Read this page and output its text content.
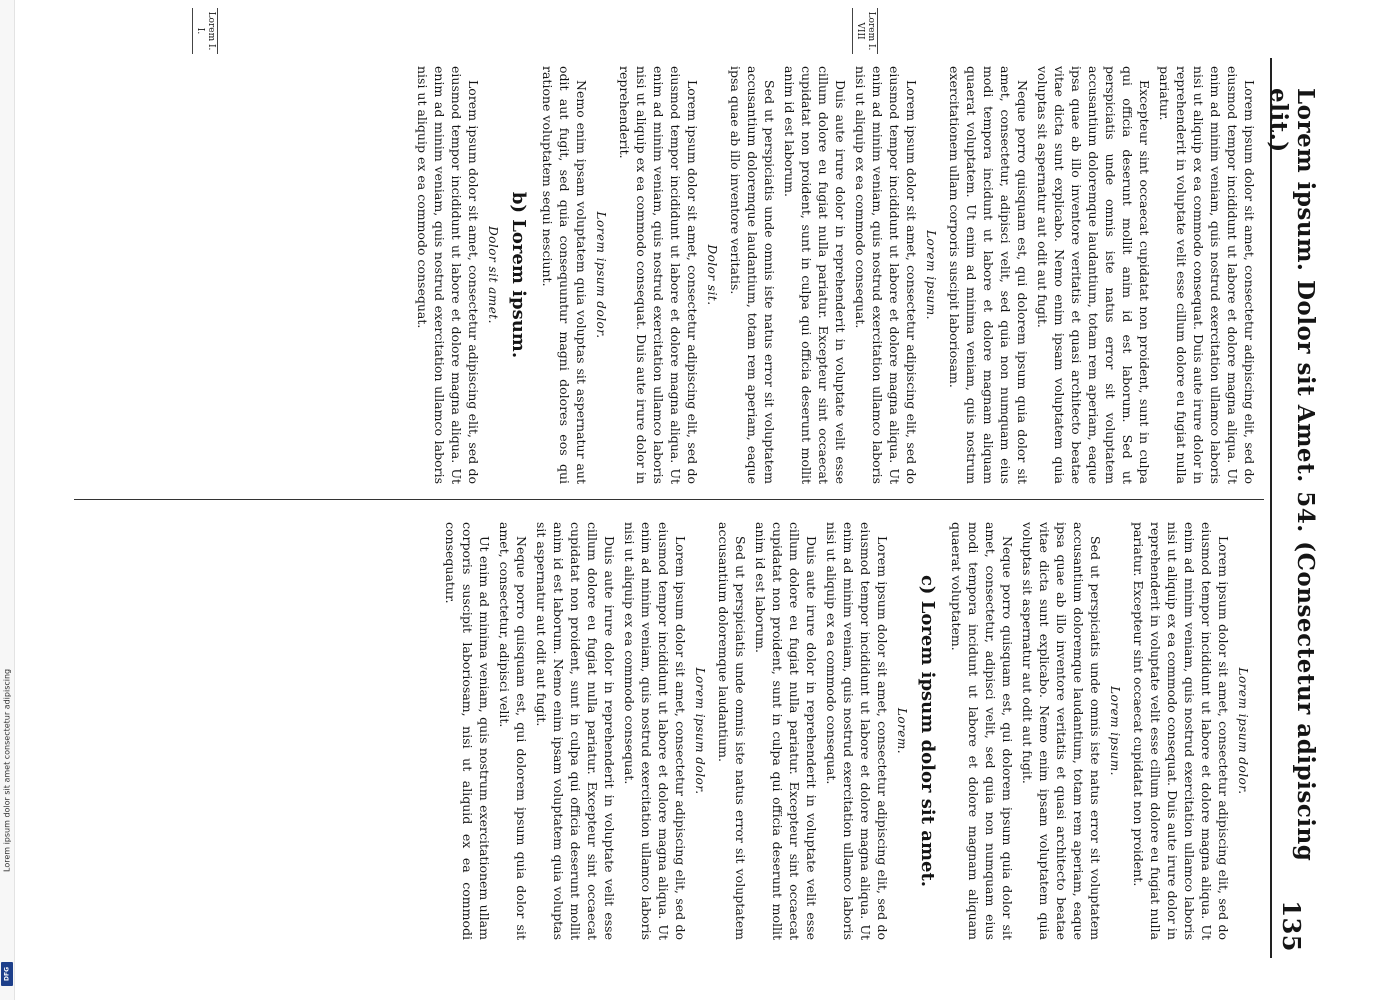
Lorem ipsum dolor sit amet consectetur adipiscing
DFG
Lorem ipsum. Dolor sit Amet. 54. (Consectetur adipiscing elit.)
135
Lorem I. VIII
Lorem I. I.
Lorem ipsum dolor sit amet, consectetur adipiscing elit, sed do eiusmod tempor incididunt ut labore et dolore magna aliqua. Ut enim ad minim veniam, quis nostrud exercitation ullamco laboris nisi ut aliquip ex ea commodo consequat. Duis aute irure dolor in reprehenderit in voluptate velit esse cillum dolore eu fugiat nulla pariatur.
Excepteur sint occaecat cupidatat non proident, sunt in culpa qui officia deserunt mollit anim id est laborum. Sed ut perspiciatis unde omnis iste natus error sit voluptatem accusantium doloremque laudantium, totam rem aperiam, eaque ipsa quae ab illo inventore veritatis et quasi architecto beatae vitae dicta sunt explicabo. Nemo enim ipsam voluptatem quia voluptas sit aspernatur aut odit aut fugit.
Neque porro quisquam est, qui dolorem ipsum quia dolor sit amet, consectetur, adipisci velit, sed quia non numquam eius modi tempora incidunt ut labore et dolore magnam aliquam quaerat voluptatem. Ut enim ad minima veniam, quis nostrum exercitationem ullam corporis suscipit laboriosam.
Lorem ipsum.
Lorem ipsum dolor sit amet, consectetur adipiscing elit, sed do eiusmod tempor incididunt ut labore et dolore magna aliqua. Ut enim ad minim veniam, quis nostrud exercitation ullamco laboris nisi ut aliquip ex ea commodo consequat.
Duis aute irure dolor in reprehenderit in voluptate velit esse cillum dolore eu fugiat nulla pariatur. Excepteur sint occaecat cupidatat non proident, sunt in culpa qui officia deserunt mollit anim id est laborum.
Sed ut perspiciatis unde omnis iste natus error sit voluptatem accusantium doloremque laudantium, totam rem aperiam, eaque ipsa quae ab illo inventore veritatis.
Dolor sit.
Lorem ipsum dolor sit amet, consectetur adipiscing elit, sed do eiusmod tempor incididunt ut labore et dolore magna aliqua. Ut enim ad minim veniam, quis nostrud exercitation ullamco laboris nisi ut aliquip ex ea commodo consequat. Duis aute irure dolor in reprehenderit.
Lorem ipsum dolor.
Nemo enim ipsam voluptatem quia voluptas sit aspernatur aut odit aut fugit, sed quia consequuntur magni dolores eos qui ratione voluptatem sequi nesciunt.
b) Lorem ipsum.
Dolor sit amet.
Lorem ipsum dolor sit amet, consectetur adipiscing elit, sed do eiusmod tempor incididunt ut labore et dolore magna aliqua. Ut enim ad minim veniam, quis nostrud exercitation ullamco laboris nisi ut aliquip ex ea commodo consequat.
Lorem ipsum dolor.
Lorem ipsum dolor sit amet, consectetur adipiscing elit, sed do eiusmod tempor incididunt ut labore et dolore magna aliqua. Ut enim ad minim veniam, quis nostrud exercitation ullamco laboris nisi ut aliquip ex ea commodo consequat. Duis aute irure dolor in reprehenderit in voluptate velit esse cillum dolore eu fugiat nulla pariatur. Excepteur sint occaecat cupidatat non proident.
Lorem ipsum.
Sed ut perspiciatis unde omnis iste natus error sit voluptatem accusantium doloremque laudantium, totam rem aperiam, eaque ipsa quae ab illo inventore veritatis et quasi architecto beatae vitae dicta sunt explicabo. Nemo enim ipsam voluptatem quia voluptas sit aspernatur aut odit aut fugit.
Neque porro quisquam est, qui dolorem ipsum quia dolor sit amet, consectetur, adipisci velit, sed quia non numquam eius modi tempora incidunt ut labore et dolore magnam aliquam quaerat voluptatem.
c) Lorem ipsum dolor sit amet.
Lorem.
Lorem ipsum dolor sit amet, consectetur adipiscing elit, sed do eiusmod tempor incididunt ut labore et dolore magna aliqua. Ut enim ad minim veniam, quis nostrud exercitation ullamco laboris nisi ut aliquip ex ea commodo consequat.
Duis aute irure dolor in reprehenderit in voluptate velit esse cillum dolore eu fugiat nulla pariatur. Excepteur sint occaecat cupidatat non proident, sunt in culpa qui officia deserunt mollit anim id est laborum.
Sed ut perspiciatis unde omnis iste natus error sit voluptatem accusantium doloremque laudantium.
Lorem ipsum dolor.
Lorem ipsum dolor sit amet, consectetur adipiscing elit, sed do eiusmod tempor incididunt ut labore et dolore magna aliqua. Ut enim ad minim veniam, quis nostrud exercitation ullamco laboris nisi ut aliquip ex ea commodo consequat.
Duis aute irure dolor in reprehenderit in voluptate velit esse cillum dolore eu fugiat nulla pariatur. Excepteur sint occaecat cupidatat non proident, sunt in culpa qui officia deserunt mollit anim id est laborum. Nemo enim ipsam voluptatem quia voluptas sit aspernatur aut odit aut fugit.
Neque porro quisquam est, qui dolorem ipsum quia dolor sit amet, consectetur, adipisci velit.
Ut enim ad minima veniam, quis nostrum exercitationem ullam corporis suscipit laboriosam, nisi ut aliquid ex ea commodi consequatur.
